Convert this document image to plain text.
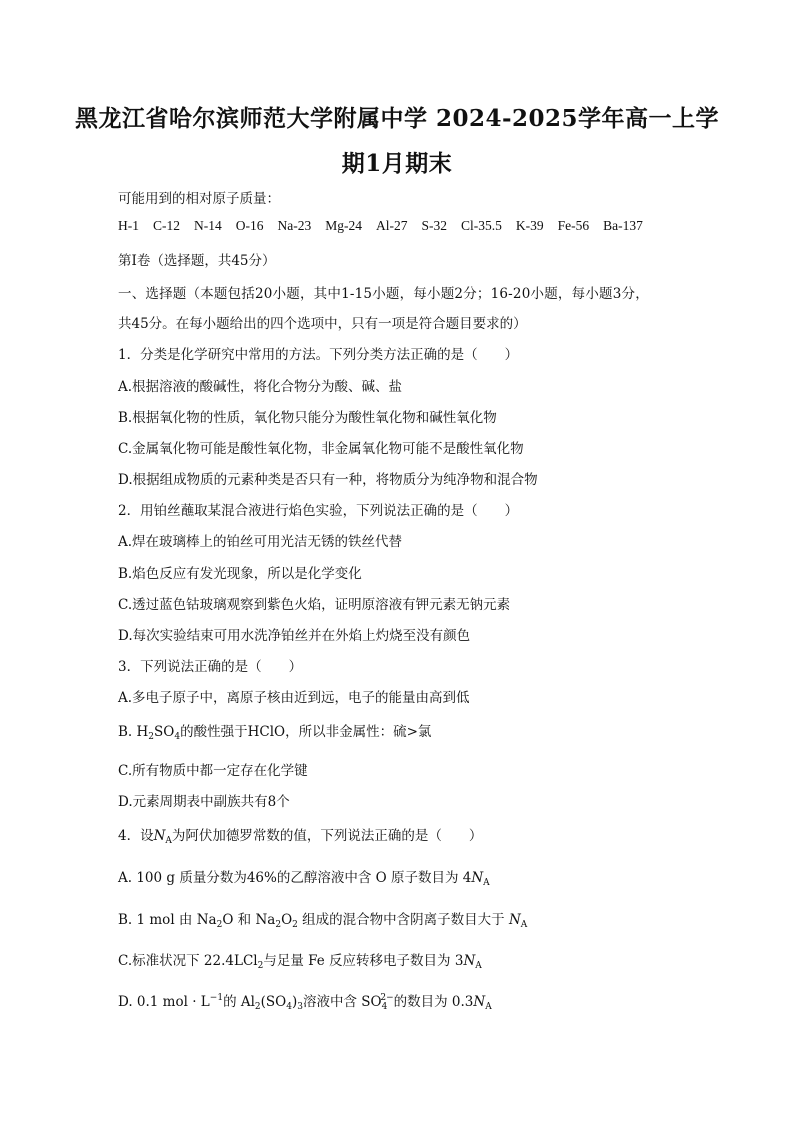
黑龙江省哈尔滨师范大学附属中学 2024-2025学年高一上学
期1月期末
可能用到的相对原子质量：
H-1 C-12 N-14 O-16 Na-23 Mg-24 Al-27 S-32 Cl-35.5 K-39 Fe-56 Ba-137
第Ⅰ卷（选择题，共45分）
一、选择题（本题包括20小题，其中1-15小题，每小题2分；16-20小题，每小题3分，
共45分。在每小题给出的四个选项中，只有一项是符合题目要求的）
1．分类是化学研究中常用的方法。下列分类方法正确的是（　　）
A.根据溶液的酸碱性，将化合物分为酸、碱、盐
B.根据氧化物的性质，氧化物只能分为酸性氧化物和碱性氧化物
C.金属氧化物可能是酸性氧化物，非金属氧化物可能不是酸性氧化物
D.根据组成物质的元素种类是否只有一种，将物质分为纯净物和混合物
2．用铂丝蘸取某混合液进行焰色实验，下列说法正确的是（　　）
A.焊在玻璃棒上的铂丝可用光洁无锈的铁丝代替
B.焰色反应有发光现象，所以是化学变化
C.透过蓝色钴玻璃观察到紫色火焰，证明原溶液有钾元素无钠元素
D.每次实验结束可用水洗净铂丝并在外焰上灼烧至没有颜色
3．下列说法正确的是（　　）
A.多电子原子中，离原子核由近到远，电子的能量由高到低
B. $H_2SO_4$的酸性强于HClO，所以非金属性：硫>氯
C.所有物质中都一定存在化学键
D.元素周期表中副族共有8个
4．设$N_A$为阿伏加德罗常数的值，下列说法正确的是（　　）
A. 100 g 质量分数为46%的乙醇溶液中含 O 原子数目为 $4N_A$
B. 1 mol 由 $Na_2O$ 和 $Na_2O_2$ 组成的混合物中含阴离子数目大于 $N_A$
C.标准状况下 22.4LCl$_2$与足量 Fe 反应转移电子数目为 $3N_A$
D. 0.1 mol · $L^{-1}$的 $Al_2(SO_4)_3$溶液中含 $SO_4^{2-}$的数目为 $0.3N_A$
